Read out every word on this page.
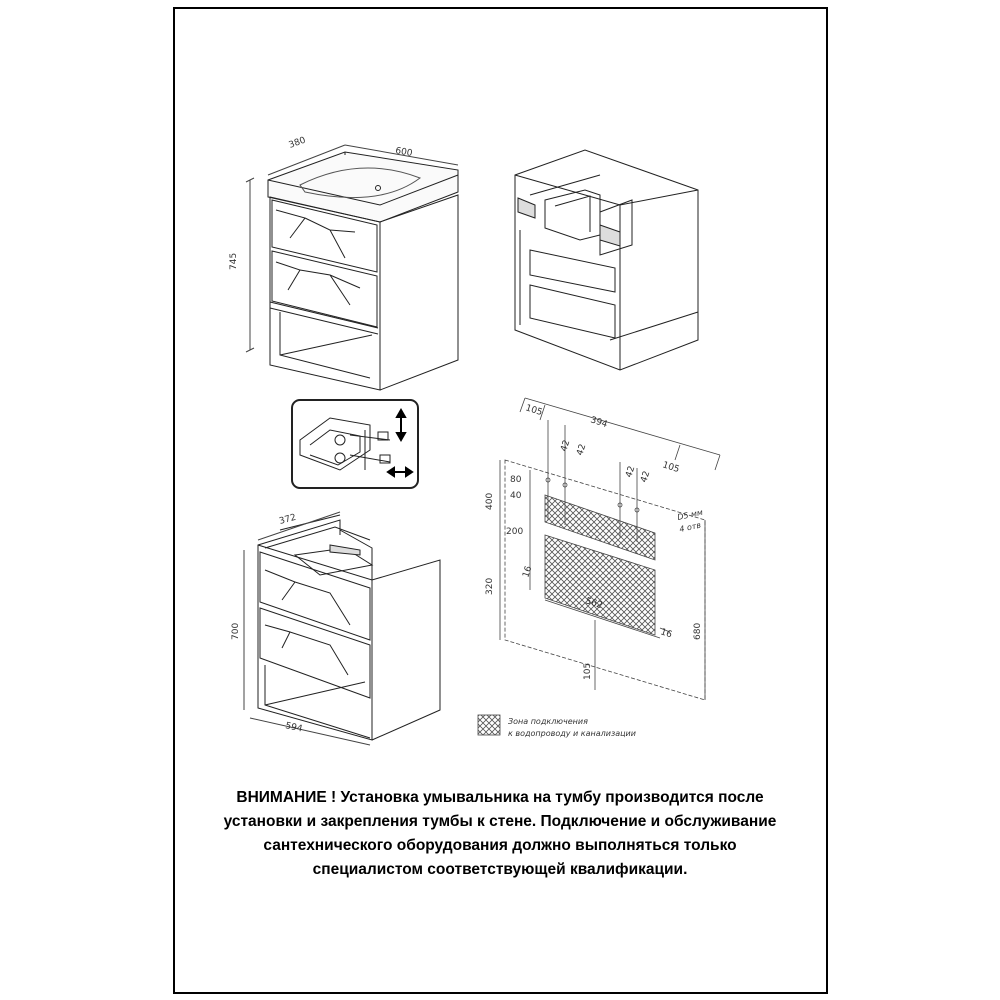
380
600
745
372
700
594
105
394
105
42 42
42 42
400
80
40
200
320
16
562
16
105
680
D5 мм
4 отв
Зона подключения
к водопроводу и канализации
ВНИМАНИЕ ! Установка умывальника на тумбу производится после
установки и закрепления тумбы к стене. Подключение и обслуживание
сантехнического оборудования должно выполняться только
специалистом соответствующей квалификации.
